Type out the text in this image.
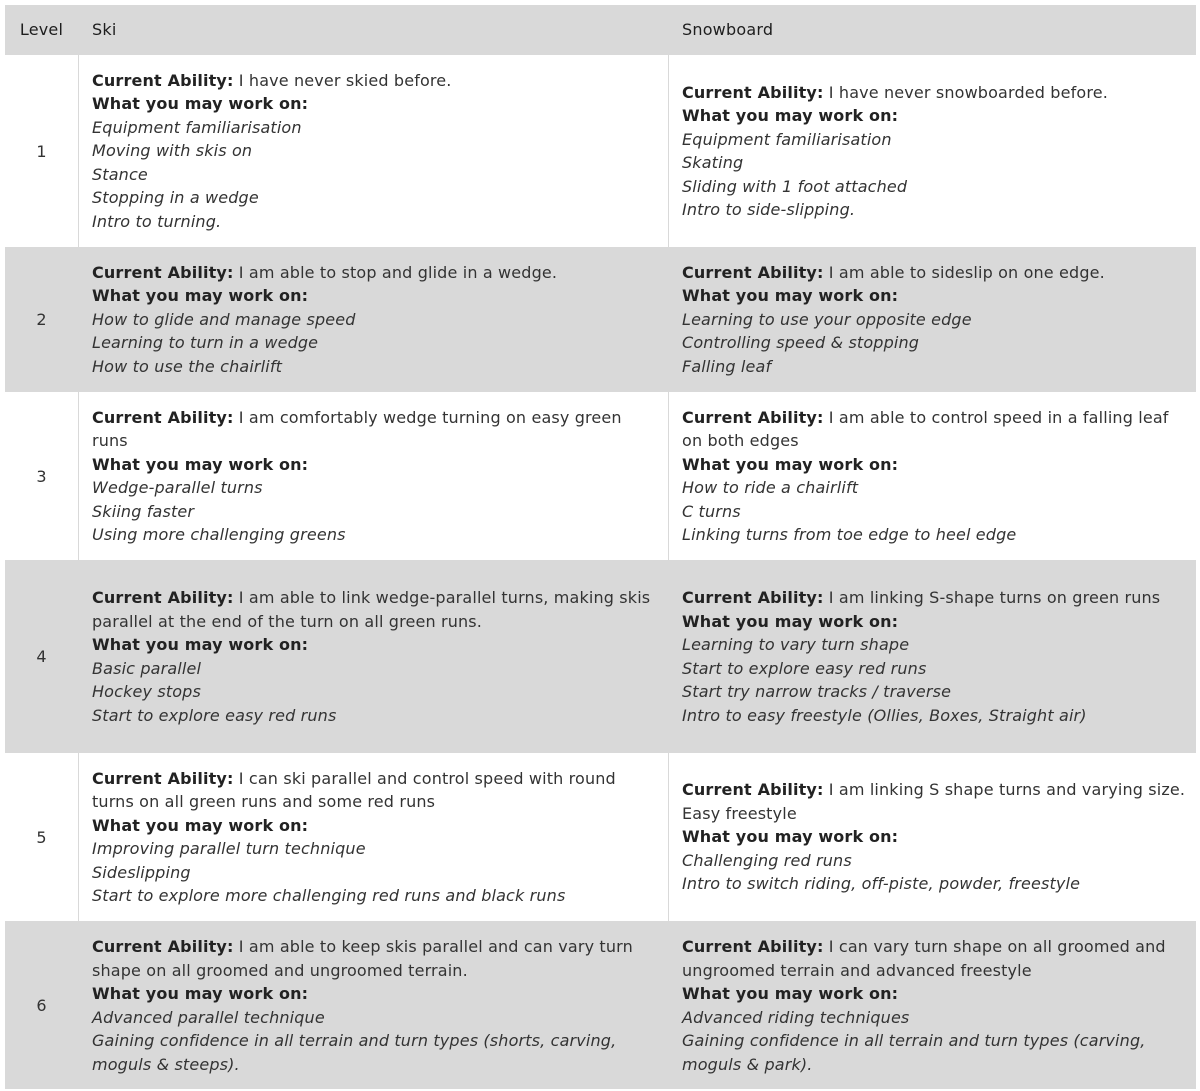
Level	Ski	Snowboard
1
Current Ability: I have never skied before.
What you may work on:
Equipment familiarisation
Moving with skis on
Stance
Stopping in a wedge
Intro to turning.
Current Ability: I have never snowboarded before.
What you may work on:
Equipment familiarisation
Skating
Sliding with 1 foot attached
Intro to side-slipping.
2
Current Ability: I am able to stop and glide in a wedge.
What you may work on:
How to glide and manage speed
Learning to turn in a wedge
How to use the chairlift
Current Ability: I am able to sideslip on one edge.
What you may work on:
Learning to use your opposite edge
Controlling speed & stopping
Falling leaf
3
Current Ability: I am comfortably wedge turning on easy green runs
What you may work on:
Wedge-parallel turns
Skiing faster
Using more challenging greens
Current Ability: I am able to control speed in a falling leaf on both edges
What you may work on:
How to ride a chairlift
C turns
Linking turns from toe edge to heel edge
4
Current Ability: I am able to link wedge-parallel turns, making skis parallel at the end of the turn on all green runs.
What you may work on:
Basic parallel
Hockey stops
Start to explore easy red runs
Current Ability: I am linking S-shape turns on green runs
What you may work on:
Learning to vary turn shape
Start to explore easy red runs
Start try narrow tracks / traverse
Intro to easy freestyle (Ollies, Boxes, Straight air)
5
Current Ability: I can ski parallel and control speed with round turns on all green runs and some red runs
What you may work on:
Improving parallel turn technique
Sideslipping
Start to explore more challenging red runs and black runs
Current Ability: I am linking S shape turns and varying size. Easy freestyle
What you may work on:
Challenging red runs
Intro to switch riding, off-piste, powder, freestyle
6
Current Ability: I am able to keep skis parallel and can vary turn shape on all groomed and ungroomed terrain.
What you may work on:
Advanced parallel technique
Gaining confidence in all terrain and turn types (shorts, carving, moguls & steeps).
Current Ability: I can vary turn shape on all groomed and ungroomed terrain and advanced freestyle
What you may work on:
Advanced riding techniques
Gaining confidence in all terrain and turn types (carving, moguls & park).
